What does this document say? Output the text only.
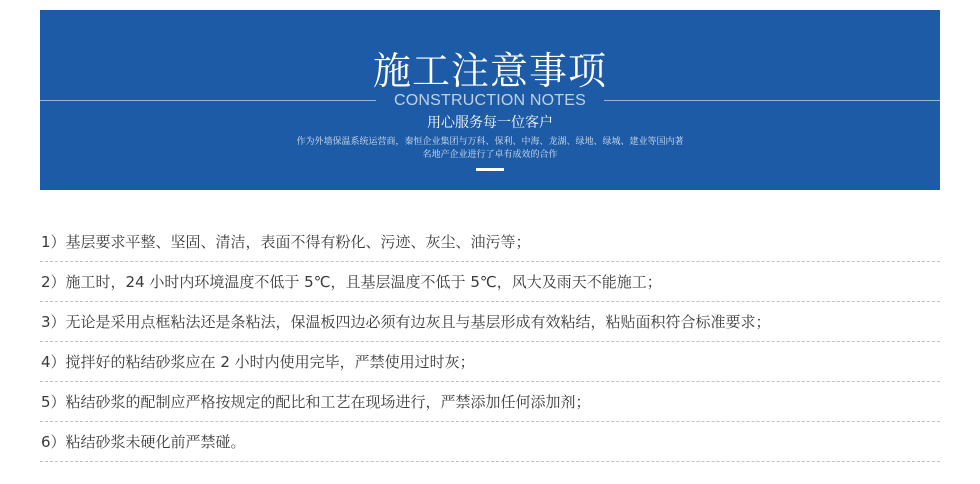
施工注意事项
CONSTRUCTION NOTES
用心服务每一位客户
作为外墙保温系统运营商，秦恒企业集团与万科、保利、中海、龙湖、绿地、绿城、建业等国内著
名地产企业进行了卓有成效的合作
1）基层要求平整、坚固、清洁，表面不得有粉化、污迹、灰尘、油污等；
2）施工时，24 小时内环境温度不低于 5℃，且基层温度不低于 5℃，风大及雨天不能施工；
3）无论是采用点框粘法还是条粘法，保温板四边必须有边灰且与基层形成有效粘结，粘贴面积符合标准要求；
4）搅拌好的粘结砂浆应在 2 小时内使用完毕，严禁使用过时灰；
5）粘结砂浆的配制应严格按规定的配比和工艺在现场进行，严禁添加任何添加剂；
6）粘结砂浆未硬化前严禁碰。
